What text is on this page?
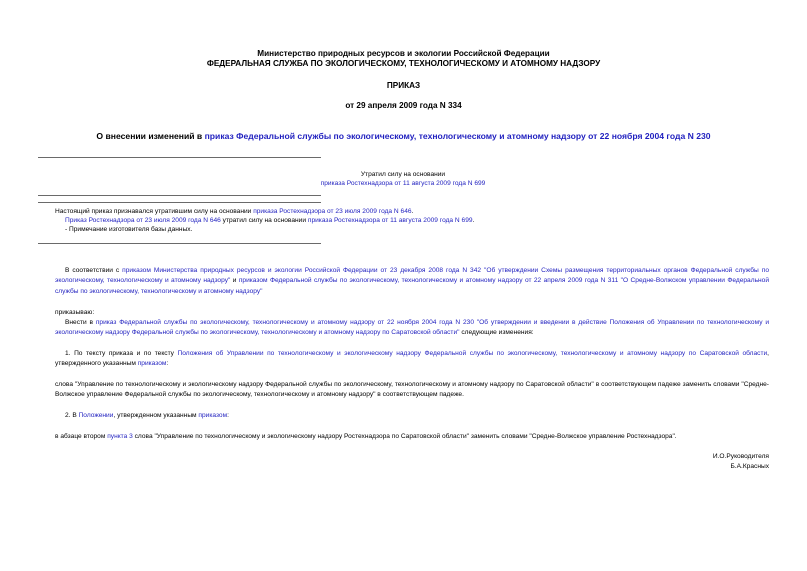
Министерство природных ресурсов и экологии Российской Федерации
ФЕДЕРАЛЬНАЯ СЛУЖБА ПО ЭКОЛОГИЧЕСКОМУ, ТЕХНОЛОГИЧЕСКОМУ И АТОМНОМУ НАДЗОРУ
ПРИКАЗ
от 29 апреля 2009 года N 334
О внесении изменений в приказ Федеральной службы по экологическому, технологическому и атомному надзору от 22 ноября 2004 года N 230
Утратил силу на основании
приказа Ростехнадзора от 11 августа 2009 года N 699
Настоящий приказ признавался утратившим силу на основании приказа Ростехнадзора от 23 июля 2009 года N 646.
Приказ Ростехнадзора от 23 июля 2009 года N 646 утратил силу на основании приказа Ростехнадзора от 11 августа 2009 года N 699.
- Примечание изготовителя базы данных.
В соответствии с приказом Министерства природных ресурсов и экологии Российской Федерации от 23 декабря 2008 года N 342 "Об утверждении Схемы размещения территориальных органов Федеральной службы по экологическому, технологическому и атомному надзору" и приказом Федеральной службы по экологическому, технологическому и атомному надзору от 22 апреля 2009 года N 311 "О Средне-Волжском управлении Федеральной службы по экологическому, технологическому и атомному надзору"
приказываю:
Внести в приказ Федеральной службы по экологическому, технологическому и атомному надзору от 22 ноября 2004 года N 230 "Об утверждении и введении в действие Положения об Управлении по технологическому и экологическому надзору Федеральной службы по экологическому, технологическому и атомному надзору по Саратовской области" следующие изменения:
1. По тексту приказа и по тексту Положения об Управлении по технологическому и экологическому надзору Федеральной службы по экологическому, технологическому и атомному надзору по Саратовской области, утвержденного указанным приказом:
слова "Управление по технологическому и экологическому надзору Федеральной службы по экологическому, технологическому и атомному надзору по Саратовской области" в соответствующем падеже заменить словами "Средне-Волжское управление Федеральной службы по экологическому, технологическому и атомному надзору" в соответствующем падеже.
2. В Положении, утвержденном указанным приказом:
в абзаце втором пункта 3 слова "Управление по технологическому и экологическому надзору Ростехнадзора по Саратовской области" заменить словами "Средне-Волжское управление Ростехнадзора".
И.О.Руководителя
Б.А.Красных
